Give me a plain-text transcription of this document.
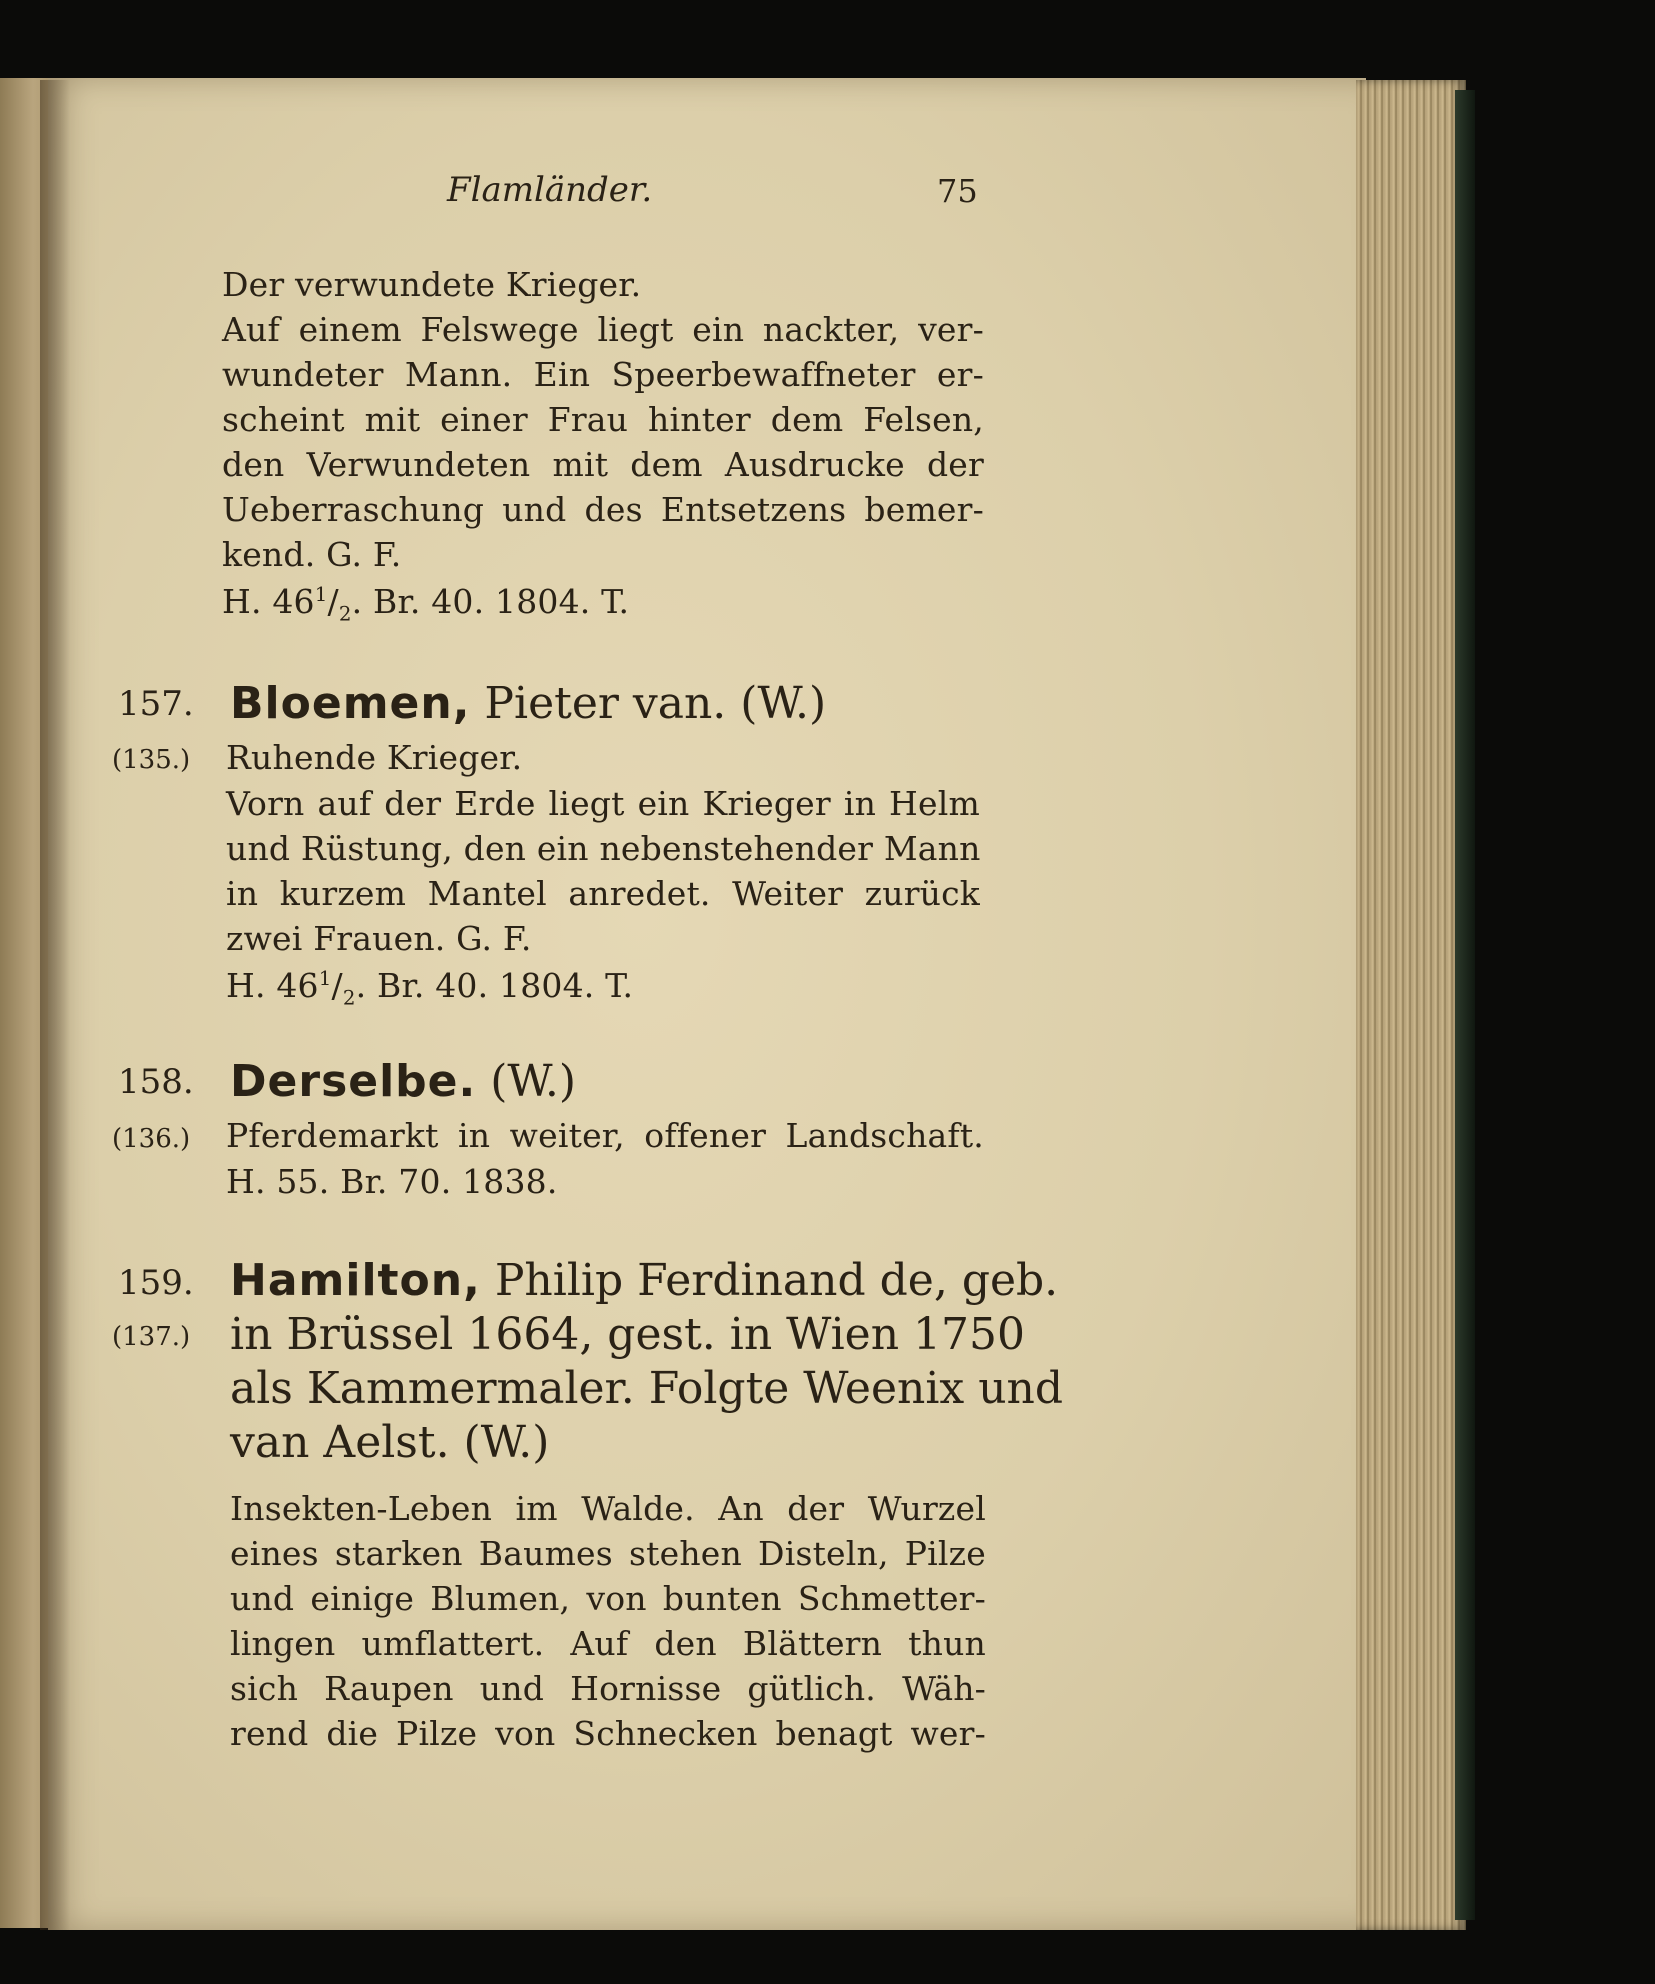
Flamländer.	75
Der verwundete Krieger.
Auf einem Felswege liegt ein nackter, ver-
wundeter Mann. Ein Speerbewaffneter er-
scheint mit einer Frau hinter dem Felsen,
den Verwundeten mit dem Ausdrucke der
Ueberraschung und des Entsetzens bemer-
kend. G. F.
H. $46^1/_2$. Br. 40. 1804. T.
157. Bloemen, Pieter van. (W.)
(135.) Ruhende Krieger.
Vorn auf der Erde liegt ein Krieger in Helm
und Rüstung, den ein nebenstehender Mann
in kurzem Mantel anredet. Weiter zurück
zwei Frauen. G. F.
H. $46^1/_2$. Br. 40. 1804. T.
158. Derselbe. (W.)
(136.) Pferdemarkt in weiter, offener Landschaft.
H. 55. Br. 70. 1838.
159. Hamilton, Philip Ferdinand de, geb.
(137.) in Brüssel 1664, gest. in Wien 1750
als Kammermaler. Folgte Weenix und
van Aelst. (W.)
Insekten-Leben im Walde. An der Wurzel
eines starken Baumes stehen Disteln, Pilze
und einige Blumen, von bunten Schmetter-
lingen umflattert. Auf den Blättern thun
sich Raupen und Hornisse gütlich. Wäh-
rend die Pilze von Schnecken benagt wer-
